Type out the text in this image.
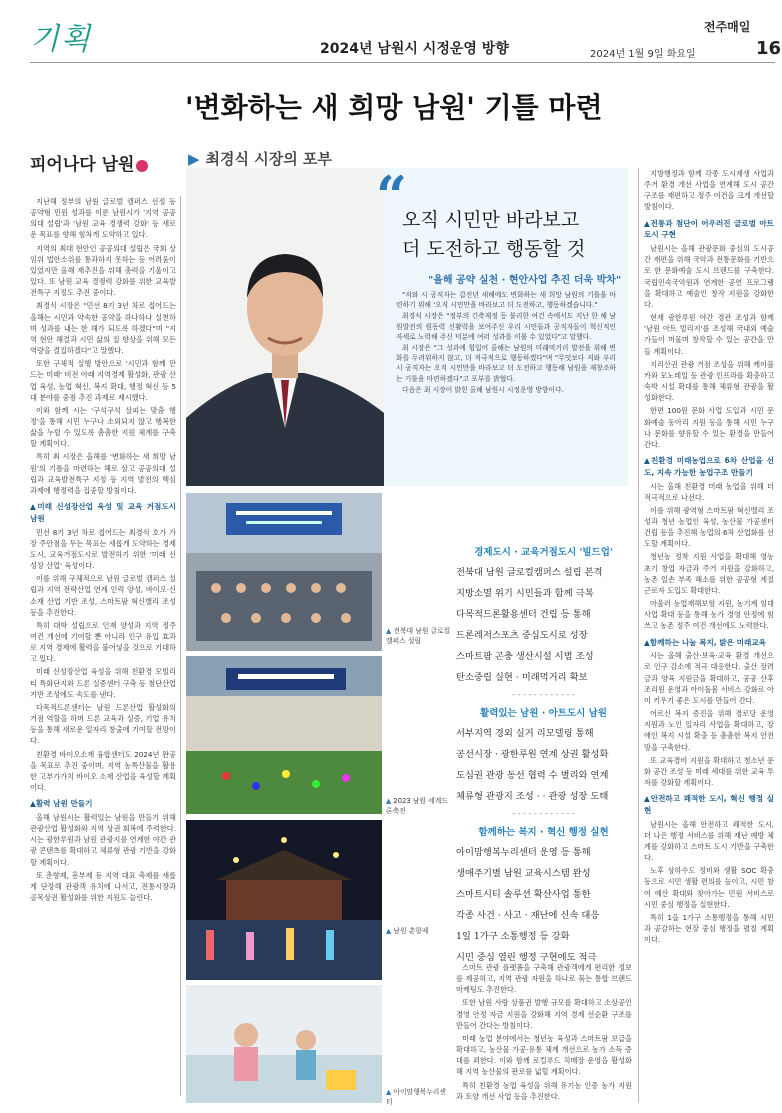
기획	2024년 남원시 시정운영 방향
전주매일
2024년 1월 9일 화요일	16
'변화하는 새 희망 남원' 기틀 마련
피어나다 남원	▶ 최경식 시장의 포부
“
오직 시민만 바라보고
더 도전하고 행동할 것
"올해 공약 실천 · 현안사업 추진 더욱 박차"

"저와 시 공직자는 갑진년 새해에도 변화하는 새 희망 남원의 기틀을 마련하기 위해 '오직 시민만을 바라보고 더 도전하고, 행동하겠습니다."

최경식 시장은 "정부의 긴축재정 등 불리한 여건 속에서도 지난 한 해 남원발전의 원동력 신활력을 보여주신 우리 시민들과 공직자들이 혁신적인 자세로 노력해 주신 덕분에 여러 성과를 이룰 수 있었다"고 말했다.

최 시장은 "그 성과에 힘입어 올해는 남원의 미래먹거리 발전을 위해 변화를 두려워하지 않고, 더 적극적으로 행동하겠다"며 "무엇보다 저와 우리 시 공직자는 오직 시민만을 바라보고 더 도전하고 행동해 남원을 재창조하는 기틀을 마련하겠다"고 포부를 밝혔다.

다음은 최 시장이 밝힌 올해 남원시 시정운영 방향이다.

지난해 정부의 남원 글로벌 캠퍼스 선정 등 공약형 민원 성과를 이룬 남원시가 '지역 공공의대 설립'과 '남원 교육 경쟁력 강화' 등 새로운 목표를 향해 힘차게 도약하고 있다.

지역의 최대 현안인 공공의대 설립은 국회 상임위 법안소위를 통과하지 못하는 등 어려움이 있었지만 올해 재추진을 위해 총력을 기울이고 있다. 또 남원 교육 경쟁력 강화를 위한 교육발전특구 지정도 추진 중이다.

최경식 시장은 "민선 8기 3년 차로 접어드는 올해는 시민과 약속한 공약을 하나하나 실천하며 성과를 내는 한 해가 되도록 하겠다"며 "지역 현안 해결과 시민 삶의 질 향상을 위해 모든 역량을 결집하겠다"고 말했다.

또한 구체적 실행 방안으로 '시민과 함께 만드는 미래' 비전 아래 지역경제 활성화, 관광 산업 육성, 농업 혁신, 복지 확대, 행정 혁신 등 5대 분야를 중점 추진 과제로 제시했다.

이와 함께 시는 '구석구석 살피는 맞춤 행정'을 통해 시민 누구나 소외되지 않고 행복한 삶을 누릴 수 있도록 촘촘한 지원 체계를 구축할 계획이다.

특히 최 시장은 올해를 '변화하는 새 희망 남원'의 기틀을 마련하는 해로 삼고 공공의대 설립과 교육발전특구 지정 등 지역 발전의 핵심 과제에 행정력을 집중할 방침이다.

▲미래 신성장산업 육성 및 교육 거점도시 남원

민선 8기 3년 차로 접어드는 최경식 호가 가장 주안점을 두는 목표는 새롭게 도약하는 경제도시, 교육거점도시로 발전하기 위한 '미래 신성장 산업' 육성이다.

이를 위해 구체적으로 남원 글로벌 캠퍼스 설립과 지역 전략산업 연계 인력 양성, 바이오·신소재 산업 기반 조성, 스마트팜 혁신밸리 조성 등을 추진한다.

특히 대학 설립으로 인재 양성과 지역 정주 여건 개선에 기여할 뿐 아니라 인구 유입 효과로 지역 경제에 활력을 불어넣을 것으로 기대하고 있다.

미래 신성장산업 육성을 위해 친환경 모빌리티 특화단지와 드론 실증센터 구축 등 첨단산업 기반 조성에도 속도를 낸다.

다목적드론센터는 남원 드론산업 활성화의 거점 역할을 하며 드론 교육과 실증, 기업 유치 등을 통해 새로운 일자리 창출에 기여할 전망이다.

친환경 바이오소재 융합센터도 2024년 완공을 목표로 추진 중이며, 지역 농특산물을 활용한 고부가가치 바이오 소재 산업을 육성할 계획이다.

▲활력 남원 만들기

올해 남원시는 활력있는 남원을 만들기 위해 관광산업 활성화와 지역 상권 회복에 주력한다. 시는 광한루원과 남원 관광지를 연계한 야간 관광 콘텐츠를 확대하고 체류형 관광 기반을 강화할 계획이다.

또 춘향제, 흥부제 등 지역 대표 축제를 새롭게 단장해 관광객 유치에 나서고, 전통시장과 골목상권 활성화를 위한 지원도 늘린다.

▲ 전북대 남원 글로컬캠퍼스 설립
▲ 2023 남원 세계드론축전
▲ 남원 춘향제
▲ 아이맘행복누리센터
경제도시 · 교육거점도시 '빌드업'
전북대 남원 글로컬캠퍼스 설립 본격
지방소멸 위기 시민들과 함께 극복
다목적드론활용센터 건립 등 통해
드론레저스포츠 중심도시로 성장
스마트팜 곤충 생산시설 시범 조성
탄소중립 실현 · 미래먹거리 확보
- - - - - - - - - - - -
활력있는 남원 · 아트도시 남원
서부지역 경외 실거 리모델링 통해
공선시장 · 광한루원 연계 상권 활성화
도심권 관광 동선 협력 수 별리와 연계
체류형 관광지 조성 · · 관광 성장 도태
- - - - - - - - - - - -
함께하는 복지 · 혁신 행정 실현
아이맘행복누리센터 운영 등 통해
생애주기별 남원 교육시스템 완성
스마트시티 솔루션 확산사업 통한
각종 사건 · 사고 · 재난에 신속 대응
1일 1가구 소통행정 등 강화
시민 중심 열린 행정 구현에도 적극

스마트 관광 플랫폼을 구축해 관광객에게 편리한 정보를 제공하고, 지역 관광 자원을 하나로 묶는 통합 브랜드 마케팅도 추진한다.

또한 남원 사랑 상품권 발행 규모를 확대하고 소상공인 경영 안정 자금 지원을 강화해 지역 경제 선순환 구조를 만들어 간다는 방침이다.

미래 농업 분야에서는 청년농 육성과 스마트팜 보급을 확대하고, 농산물 가공·유통 체계 개선으로 농가 소득 증대를 꾀한다. 이와 함께 로컬푸드 직매장 운영을 활성화해 지역 농산물의 판로를 넓힐 계획이다.

특히 친환경 농업 육성을 위해 유기농 인증 농가 지원과 토양 개선 사업 등을 추진한다.

지방행정과 함께 각종 도시재생 사업과 주거 환경 개선 사업을 연계해 도시 공간 구조를 재편하고 정주 여건을 크게 개선할 방침이다.

▲전통과 첨단이 어우러진 글로벌 아트토시 구현

남원시는 올해 관광문화 중심의 도시공간 재편을 위해 국악과 전통문화를 기반으로 한 문화예술 도시 브랜드를 구축한다. 국립민속국악원과 연계한 공연 프로그램을 확대하고 예술인 창작 지원을 강화한다.

현재 광한루원 야간 경관 조성과 함께 '남원 아트 빌리지'를 조성해 국내외 예술가들이 머물며 창작할 수 있는 공간을 만들 계획이다.

지리산권 관광 거점 조성을 위해 케이블카와 모노레일 등 관광 인프라를 확충하고 숙박 시설 확대를 통해 체류형 관광을 활성화한다.

한편 100원 문화 사업 도입과 시민 문화예술 동아리 지원 등을 통해 시민 누구나 문화를 향유할 수 있는 환경을 만들어 간다.

▲친환경 미래농업으로 6차 산업을 선도, 지속 가능한 농업구조 만들기

시는 올해 친환경 미래 농업을 위해 더 적극적으로 나선다.

이를 위해 광역형 스마트팜 혁신밸리 조성과 청년 농업인 육성, 농산물 가공센터 건립 등을 추진해 농업의 6차 산업화를 선도할 계획이다.

청년농 정착 지원 사업을 확대해 영농 초기 창업 자금과 주거 지원을 강화하고, 농촌 일손 부족 해소를 위한 공공형 계절근로자 도입도 확대한다.

아울러 농업재해보험 지원, 농기계 임대사업 확대 등을 통해 농가 경영 안정에 힘쓰고 농촌 정주 여건 개선에도 노력한다.

▲함께하는 나눔 복지, 밝은 미래교육

시는 올해 출산·보육·교육 환경 개선으로 인구 감소에 적극 대응한다. 출산 장려금과 양육 지원금을 확대하고, 공공 산후조리원 운영과 아이돌봄 서비스 강화로 아이 키우기 좋은 도시를 만들어 간다.

어르신 복지 증진을 위해 경로당 운영 지원과 노인 일자리 사업을 확대하고, 장애인 복지 시설 확충 등 촘촘한 복지 안전망을 구축한다.

또 교육경비 지원을 확대하고 청소년 문화 공간 조성 등 미래 세대를 위한 교육 투자를 강화할 계획이다.

▲안전하고 쾌적한 도시, 혁신 행정 실현

남원시는 올해 안전하고 쾌적한 도시, 더 나은 행정 서비스를 위해 재난 예방 체계를 강화하고 스마트 도시 기반을 구축한다.

노후 상하수도 정비와 생활 SOC 확충 등으로 시민 생활 편의를 높이고, 시민 참여 예산 확대와 찾아가는 민원 서비스로 시민 중심 행정을 실현한다.

특히 1읍 1가구 소통행정을 통해 시민과 공감하는 현장 중심 행정을 펼칠 계획이다.
